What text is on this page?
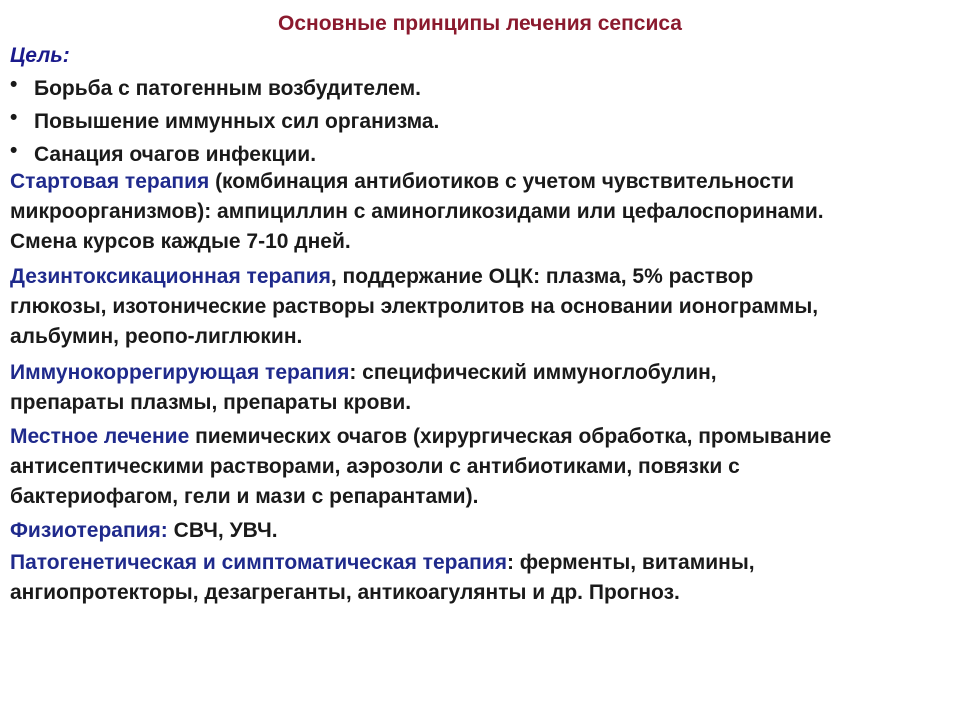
Основные принципы лечения сепсиса
Цель:
• Борьба с патогенным возбудителем.
• Повышение иммунных сил организма.
• Санация очагов инфекции.
Стартовая терапия (комбинация антибиотиков с учетом чувствительности
микроорганизмов): ампициллин с аминогликозидами или цефалоспоринами.
Смена курсов каждые 7-10 дней.
Дезинтоксикационная терапия, поддержание ОЦК: плазма, 5% раствор
глюкозы, изотонические растворы электролитов на основании ионограммы,
альбумин, реопо-лиглюкин.
Иммунокоррегирующая терапия: специфический иммуноглобулин,
препараты плазмы, препараты крови.
Местное лечение пиемических очагов (хирургическая обработка, промывание
антисептическими растворами, аэрозоли с антибиотиками, повязки с
бактериофагом, гели и мази с репарантами).
Физиотерапия: СВЧ, УВЧ.
Патогенетическая и симптоматическая терапия: ферменты, витамины,
ангиопротекторы, дезагреганты, антикоагулянты и др. Прогноз.
